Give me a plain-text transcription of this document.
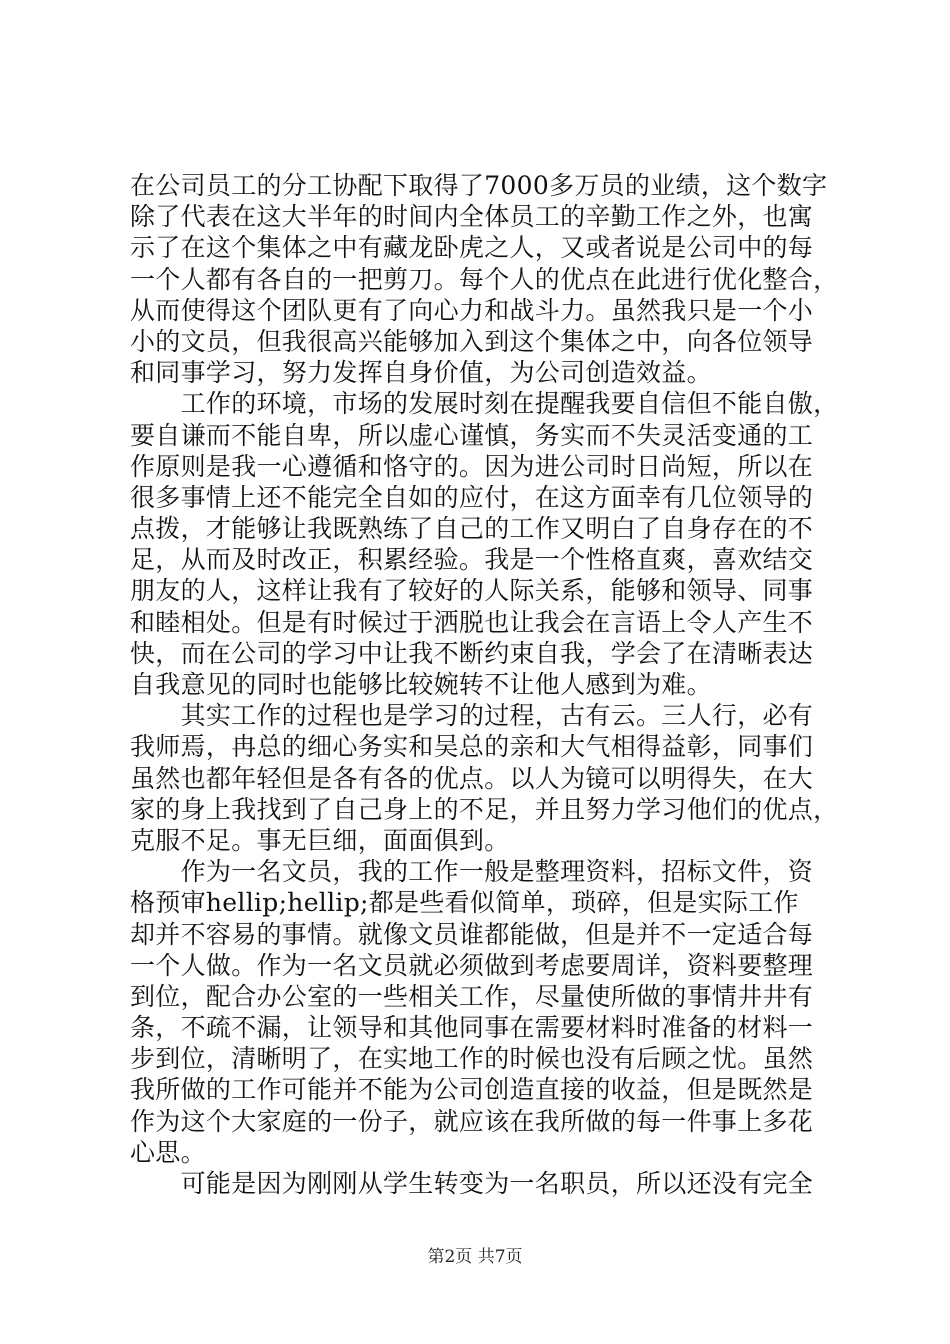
在公司员工的分工协配下取得了7000多万员的业绩，这个数字
除了代表在这大半年的时间内全体员工的辛勤工作之外，也寓
示了在这个集体之中有藏龙卧虎之人，又或者说是公司中的每
一个人都有各自的一把剪刀。每个人的优点在此进行优化整合，
从而使得这个团队更有了向心力和战斗力。虽然我只是一个小
小的文员，但我很高兴能够加入到这个集体之中，向各位领导
和同事学习，努力发挥自身价值，为公司创造效益。
　　工作的环境，市场的发展时刻在提醒我要自信但不能自傲，
要自谦而不能自卑，所以虚心谨慎，务实而不失灵活变通的工
作原则是我一心遵循和恪守的。因为进公司时日尚短，所以在
很多事情上还不能完全自如的应付，在这方面幸有几位领导的
点拨，才能够让我既熟练了自己的工作又明白了自身存在的不
足，从而及时改正，积累经验。我是一个性格直爽，喜欢结交
朋友的人，这样让我有了较好的人际关系，能够和领导、同事
和睦相处。但是有时候过于洒脱也让我会在言语上令人产生不
快，而在公司的学习中让我不断约束自我，学会了在清晰表达
自我意见的同时也能够比较婉转不让他人感到为难。
　　其实工作的过程也是学习的过程，古有云。三人行，必有
我师焉，冉总的细心务实和吴总的亲和大气相得益彰，同事们
虽然也都年轻但是各有各的优点。以人为镜可以明得失，在大
家的身上我找到了自己身上的不足，并且努力学习他们的优点，
克服不足。事无巨细，面面俱到。
　　作为一名文员，我的工作一般是整理资料，招标文件，资
格预审hellip;hellip;都是些看似简单，琐碎，但是实际工作
却并不容易的事情。就像文员谁都能做，但是并不一定适合每
一个人做。作为一名文员就必须做到考虑要周详，资料要整理
到位，配合办公室的一些相关工作，尽量使所做的事情井井有
条，不疏不漏，让领导和其他同事在需要材料时准备的材料一
步到位，清晰明了，在实地工作的时候也没有后顾之忧。虽然
我所做的工作可能并不能为公司创造直接的收益，但是既然是
作为这个大家庭的一份子，就应该在我所做的每一件事上多花
心思。
　　可能是因为刚刚从学生转变为一名职员，所以还没有完全
第2页 共7页
